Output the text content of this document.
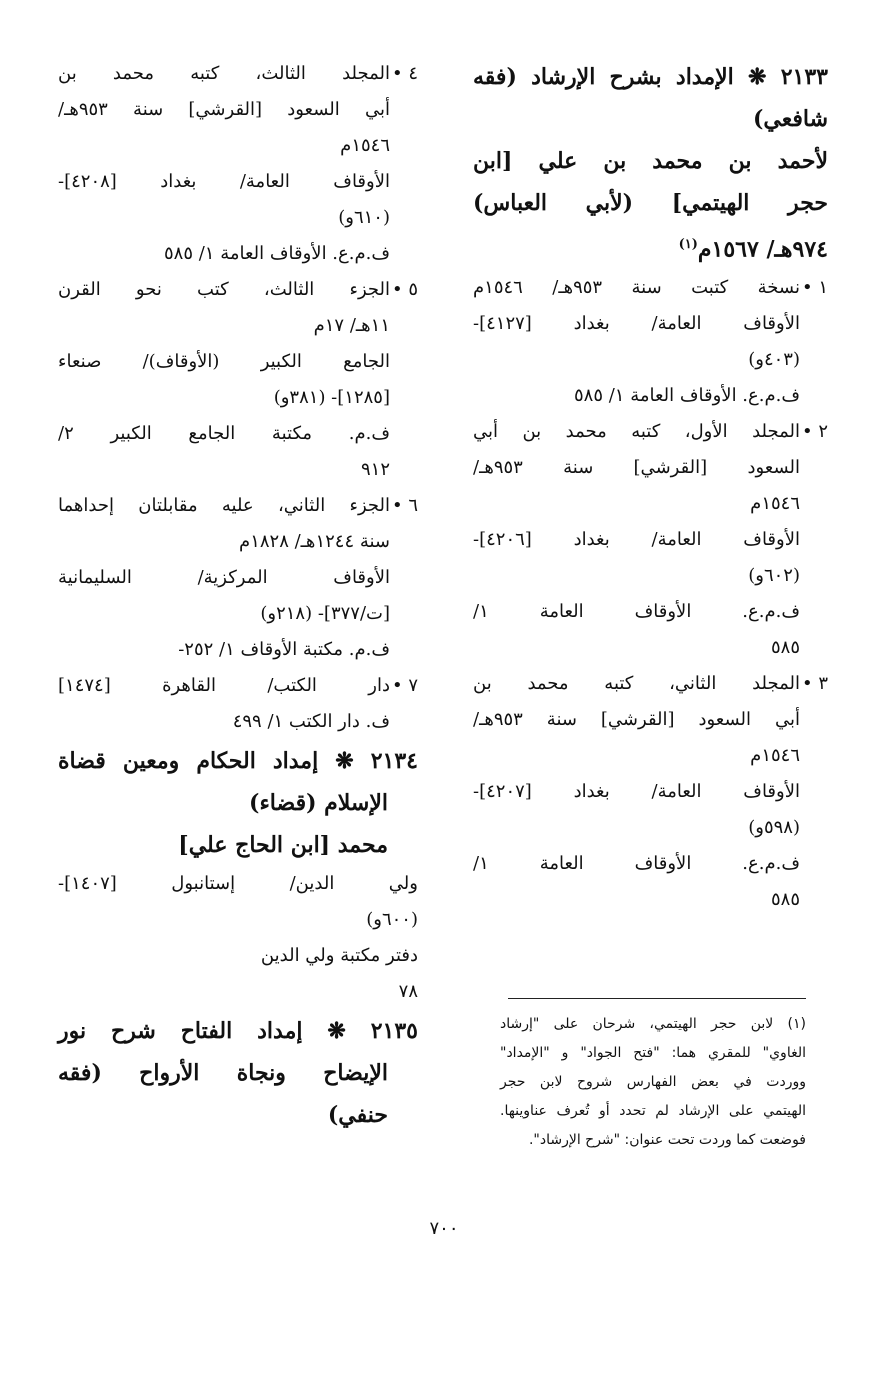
٢١٣٣ ❋ الإمداد بشرح الإرشاد (فقه
شافعي)
لأحمد بن محمد بن علي [ابن
حجر الهيتمي] (لأبي العباس)
٩٧٤هـ/ ١٥٦٧م$^{(١)}$
١ •
نسخة كتبت سنة ٩٥٣هـ/ ١٥٤٦م
الأوقاف العامة/ بغداد [٤١٢٧]-
(٤٠٣و)
ف.م.ع. الأوقاف العامة ١/ ٥٨٥
٢ •
المجلد الأول، كتبه محمد بن أبي
السعود [القرشي] سنة ٩٥٣هـ/
١٥٤٦م
الأوقاف العامة/ بغداد [٤٢٠٦]-
(٦٠٢و)
ف.م.ع. الأوقاف العامة ١/
٥٨٥
٣ •
المجلد الثاني، كتبه محمد بن
أبي السعود [القرشي] سنة ٩٥٣هـ/
١٥٤٦م
الأوقاف العامة/ بغداد [٤٢٠٧]-
(٥٩٨و)
ف.م.ع. الأوقاف العامة ١/
٥٨٥
٤ •
المجلد الثالث، كتبه محمد بن
أبي السعود [القرشي] سنة ٩٥٣هـ/
١٥٤٦م
الأوقاف العامة/ بغداد [٤٢٠٨]-
(٦١٠و)
ف.م.ع. الأوقاف العامة ١/ ٥٨٥
٥ •
الجزء الثالث، كتب نحو القرن
١١هـ/ ١٧م
الجامع الكبير (الأوقاف)/ صنعاء
[١٢٨٥]- (٣٨١و)
ف.م. مكتبة الجامع الكبير ٢/
٩١٢
٦ •
الجزء الثاني، عليه مقابلتان إحداهما
سنة ١٢٤٤هـ/ ١٨٢٨م
الأوقاف المركزية/ السليمانية
[ت/٣٧٧]- (٢١٨و)
ف.م. مكتبة الأوقاف ١/ ٢٥٢-
٧ •
دار الكتب/ القاهرة [١٤٧٤]
ف. دار الكتب ١/ ٤٩٩
٢١٣٤ ❋ إمداد الحكام ومعين قضاة
الإسلام (قضاء)
محمد [ابن الحاج علي]
ولي الدين/ إستانبول [١٤٠٧]-
(٦٠٠و)
دفتر مكتبة ولي الدين
٧٨
٢١٣٥ ❋ إمداد الفتاح شرح نور
الإيضاح ونجاة الأرواح (فقه
حنفي)
(١) لابن حجر الهيتمي، شرحان على "إرشاد
الغاوي" للمقري هما: "فتح الجواد" و "الإمداد"
ووردت في بعض الفهارس شروح لابن حجر
الهيتمي على الإرشاد لم تحدد أو تُعرف عناوينها.
فوضعت كما وردت تحت عنوان: "شرح الإرشاد".
٧٠٠
